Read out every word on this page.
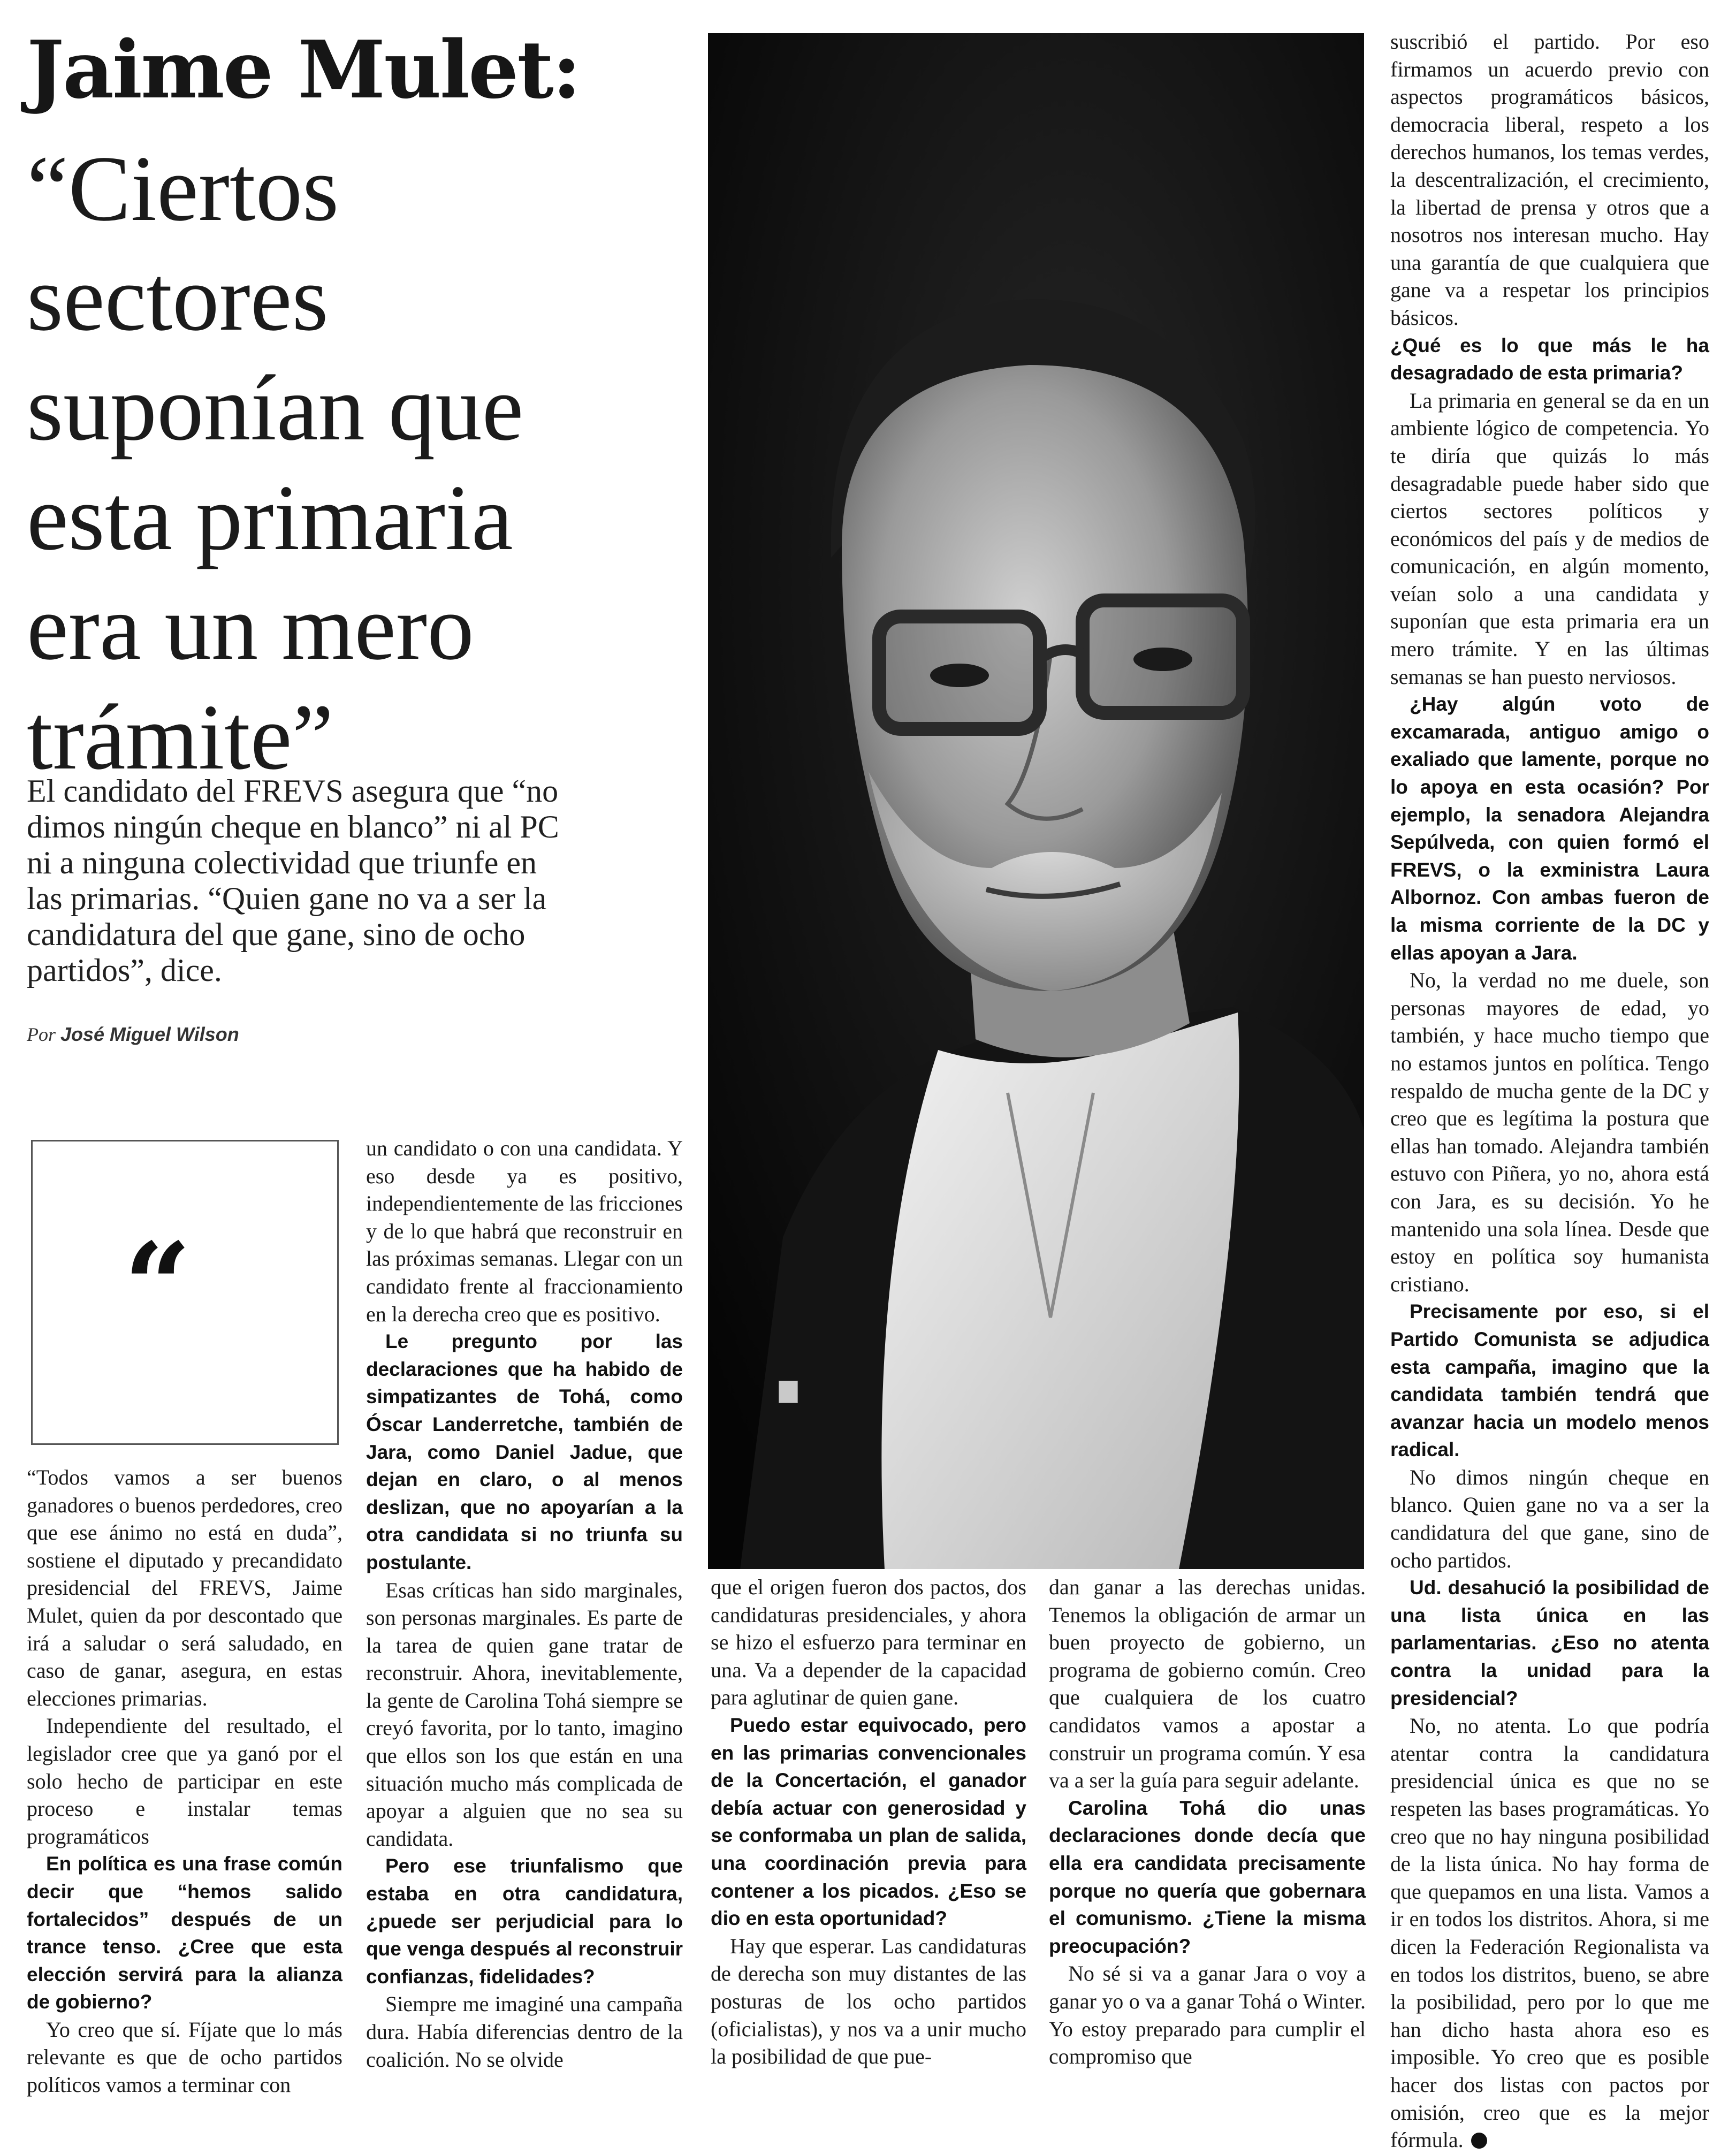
Jaime Mulet:
“Ciertos
sectores
suponían que
esta primaria
era un mero
trámite”
El candidato del FREVS asegura que “no
dimos ningún cheque en blanco” ni al PC
ni a ninguna colectividad que triunfe en
las primarias. “Quien gane no va a ser la
candidatura del que gane, sino de ocho
partidos”, dice.
Por José Miguel Wilson
“

“Todos vamos a ser buenos ganadores o buenos perdedores, creo que ese ánimo no está en duda”, sostiene el diputado y precandidato presidencial del FREVS, Jaime Mulet, quien da por descontado que irá a saludar o será saludado, en caso de ganar, asegura, en estas elecciones primarias.

Independiente del resultado, el legislador cree que ya ganó por el solo hecho de participar en este proceso e instalar temas programáticos

En política es una frase común decir que “hemos salido fortalecidos” después de un trance tenso. ¿Cree que esta elección servirá para la alianza de gobierno?

Yo creo que sí. Fíjate que lo más relevante es que de ocho partidos políticos vamos a terminar con

un candidato o con una candidata. Y eso desde ya es positivo, independientemente de las fricciones y de lo que habrá que reconstruir en las próximas semanas. Llegar con un candidato frente al fraccionamiento en la derecha creo que es positivo.

Le pregunto por las declaraciones que ha habido de simpatizantes de Tohá, como Óscar Landerretche, también de Jara, como Daniel Jadue, que dejan en claro, o al menos deslizan, que no apoyarían a la otra candidata si no triunfa su postulante.

Esas críticas han sido marginales, son personas marginales. Es parte de la tarea de quien gane tratar de reconstruir. Ahora, inevitablemente, la gente de Carolina Tohá siempre se creyó favorita, por lo tanto, imagino que ellos son los que están en una situación mucho más complicada de apoyar a alguien que no sea su candidata.

Pero ese triunfalismo que estaba en otra candidatura, ¿puede ser perjudicial para lo que venga después al reconstruir confianzas, fidelidades?

Siempre me imaginé una campaña dura. Había diferencias dentro de la coalición. No se olvide

que el origen fueron dos pactos, dos candidaturas presidenciales, y ahora se hizo el esfuerzo para terminar en una. Va a depender de la capacidad para aglutinar de quien gane.

Puedo estar equivocado, pero en las primarias convencionales de la Concertación, el ganador debía actuar con generosidad y se conformaba un plan de salida, una coordinación previa para contener a los picados. ¿Eso se dio en esta oportunidad?

Hay que esperar. Las candidaturas de derecha son muy distantes de las posturas de los ocho partidos (oficialistas), y nos va a unir mucho la posibilidad de que pue-

dan ganar a las derechas unidas. Tenemos la obligación de armar un buen proyecto de gobierno, un programa de gobierno común. Creo que cualquiera de los cuatro candidatos vamos a apostar a construir un programa común. Y esa va a ser la guía para seguir adelante.

Carolina Tohá dio unas declaraciones donde decía que ella era candidata precisamente porque no quería que gobernara el comunismo. ¿Tiene la misma preocupación?

No sé si va a ganar Jara o voy a ganar yo o va a ganar Tohá o Winter. Yo estoy preparado para cumplir el compromiso que

suscribió el partido. Por eso firmamos un acuerdo previo con aspectos programáticos básicos, democracia liberal, respeto a los derechos humanos, los temas verdes, la descentralización, el crecimiento, la libertad de prensa y otros que a nosotros nos interesan mucho. Hay una garantía de que cualquiera que gane va a respetar los principios básicos.

¿Qué es lo que más le ha desagradado de esta primaria?

La primaria en general se da en un ambiente lógico de competencia. Yo te diría que quizás lo más desagradable puede haber sido que ciertos sectores políticos y económicos del país y de medios de comunicación, en algún momento, veían solo a una candidata y suponían que esta primaria era un mero trámite. Y en las últimas semanas se han puesto nerviosos.

¿Hay algún voto de excamarada, antiguo amigo o exaliado que lamente, porque no lo apoya en esta ocasión? Por ejemplo, la senadora Alejandra Sepúlveda, con quien formó el FREVS, o la exministra Laura Albornoz. Con ambas fueron de la misma corriente de la DC y ellas apoyan a Jara.

No, la verdad no me duele, son personas mayores de edad, yo también, y hace mucho tiempo que no estamos juntos en política. Tengo respaldo de mucha gente de la DC y creo que es legítima la postura que ellas han tomado. Alejandra también estuvo con Piñera, yo no, ahora está con Jara, es su decisión. Yo he mantenido una sola línea. Desde que estoy en política soy humanista cristiano.

Precisamente por eso, si el Partido Comunista se adjudica esta campaña, imagino que la candidata también tendrá que avanzar hacia un modelo menos radical.

No dimos ningún cheque en blanco. Quien gane no va a ser la candidatura del que gane, sino de ocho partidos.

Ud. desahució la posibilidad de una lista única en las parlamentarias. ¿Eso no atenta contra la unidad para la presidencial?

No, no atenta. Lo que podría atentar contra la candidatura presidencial única es que no se respeten las bases programáticas. Yo creo que no hay ninguna posibilidad de la lista única. No hay forma de que quepamos en una lista. Vamos a ir en todos los distritos. Ahora, si me dicen la Federación Regionalista va en todos los distritos, bueno, se abre la posibilidad, pero por lo que me han dicho hasta ahora eso es imposible. Yo creo que es posible hacer dos listas con pactos por omisión, creo que es la mejor fórmula.
